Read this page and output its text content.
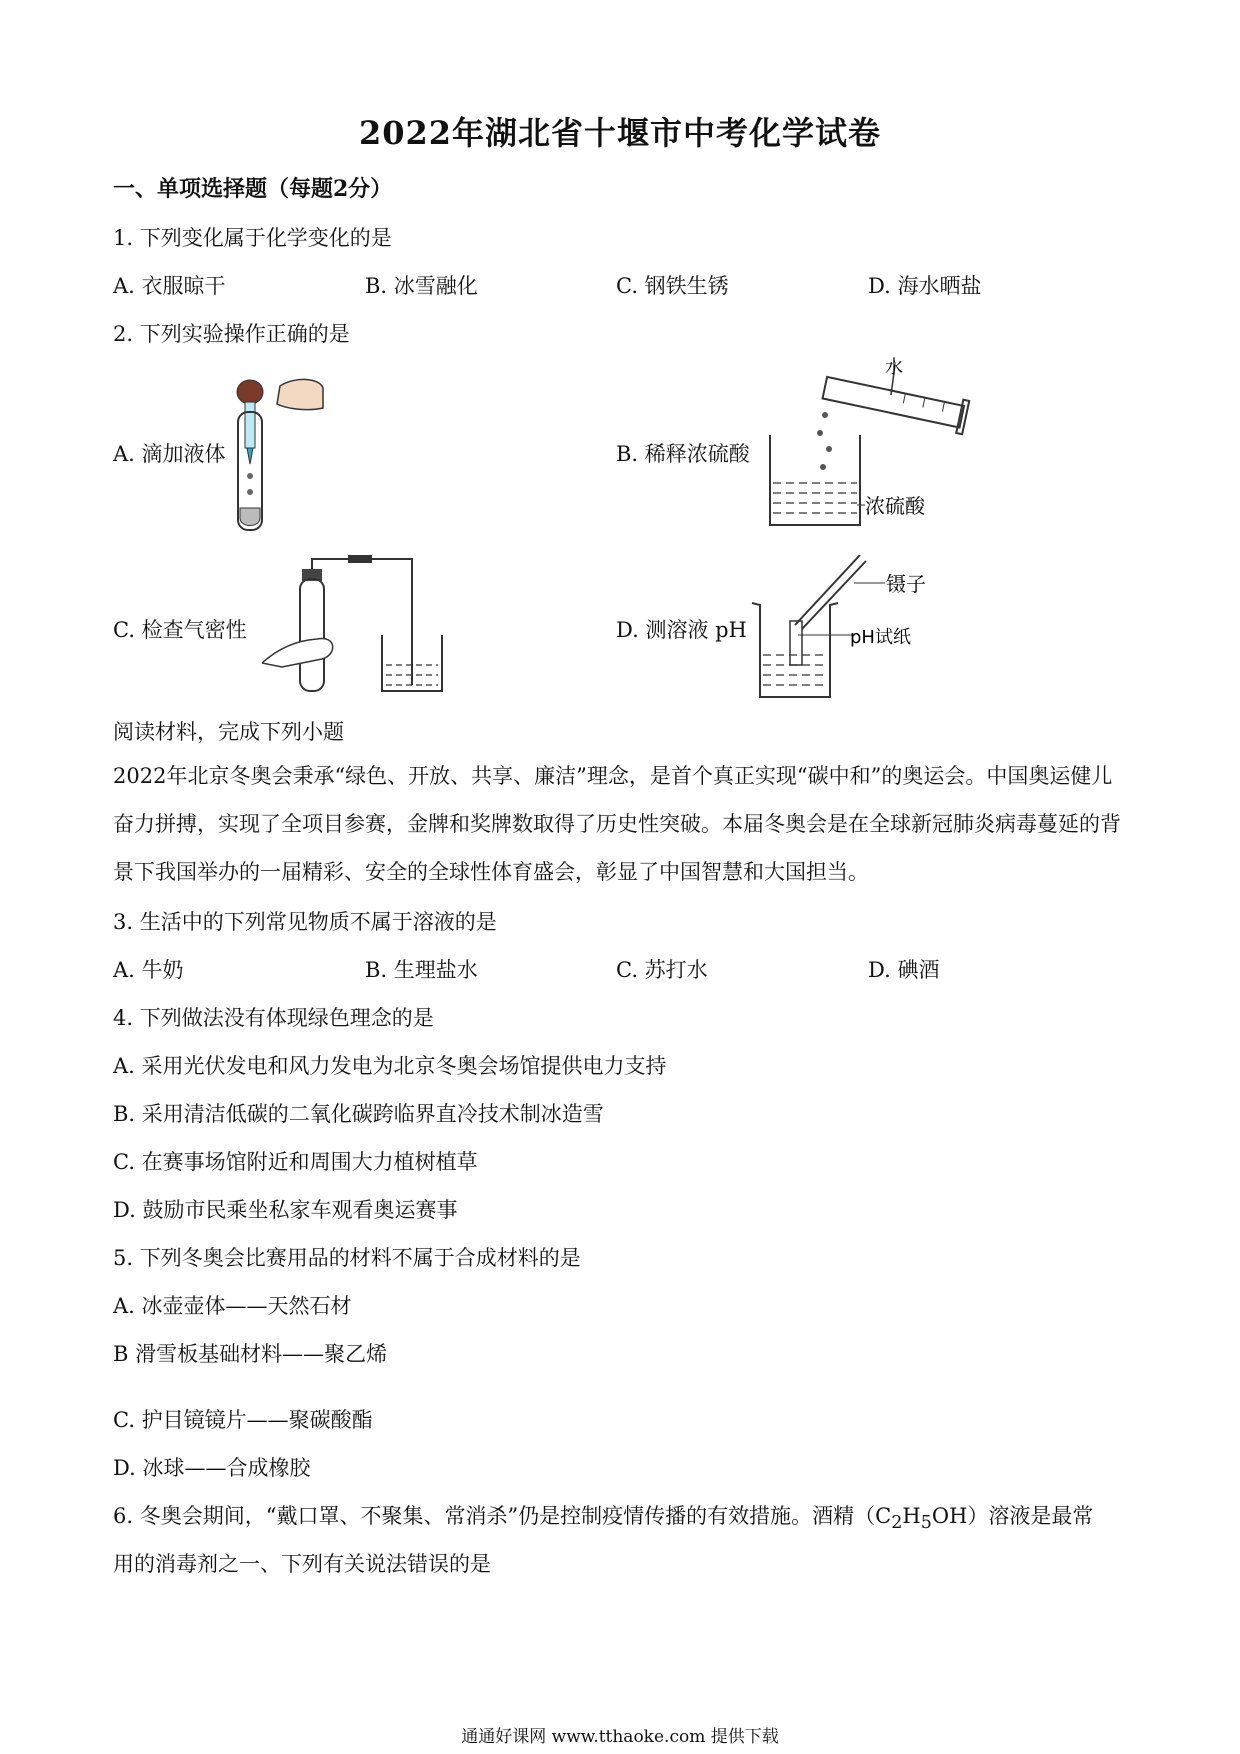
2022年湖北省十堰市中考化学试卷
一、单项选择题（每题2分）
1. 下列变化属于化学变化的是
A. 衣服晾干	B. 冰雪融化	C. 钢铁生锈	D. 海水晒盐
2. 下列实验操作正确的是
A. 滴加液体	B. 稀释浓硫酸
水
浓硫酸
C. 检查气密性	D. 测溶液 pH
镊子
pH试纸
阅读材料，完成下列小题
2022年北京冬奥会秉承“绿色、开放、共享、廉洁”理念，是首个真正实现“碳中和”的奥运会。中国奥运健儿奋力拼搏，实现了全项目参赛，金牌和奖牌数取得了历史性突破。本届冬奥会是在全球新冠肺炎病毒蔓延的背景下我国举办的一届精彩、安全的全球性体育盛会，彰显了中国智慧和大国担当。
3. 生活中的下列常见物质不属于溶液的是
A. 牛奶	B. 生理盐水	C. 苏打水	D. 碘酒
4. 下列做法没有体现绿色理念的是
A. 采用光伏发电和风力发电为北京冬奥会场馆提供电力支持
B. 采用清洁低碳的二氧化碳跨临界直冷技术制冰造雪
C. 在赛事场馆附近和周围大力植树植草
D. 鼓励市民乘坐私家车观看奥运赛事
5. 下列冬奥会比赛用品的材料不属于合成材料的是
A. 冰壶壶体——天然石材
B 滑雪板基础材料——聚乙烯
C. 护目镜镜片——聚碳酸酯
D. 冰球——合成橡胶
6. 冬奥会期间，“戴口罩、不聚集、常消杀”仍是控制疫情传播的有效措施。酒精$(C_2H_5OH)$溶液是最常
用的消毒剂之一、下列有关说法错误的是
通通好课网 www.tthaoke.com 提供下载
